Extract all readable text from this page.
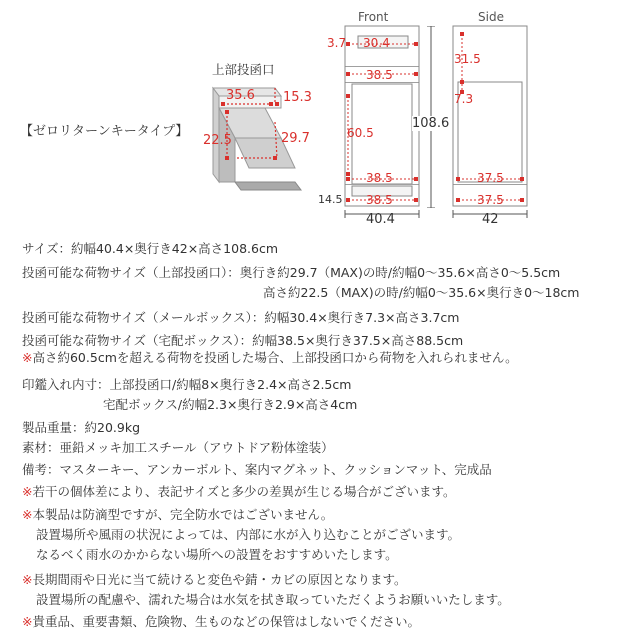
【ゼロリターンキータイプ】
上部投函口
35.6 15.3
22.5	29.7
Front
3.7 30.4
38.5
60.5
38.5
38.5
14.5
40.4
108.6
Side
31.5
7.3
37.5
37.5
42
サイズ：約幅40.4×奥行き42×高さ108.6cm
投函可能な荷物サイズ（上部投函口）：奥行き約29.7（MAX)の時/約幅0～35.6×高さ0～5.5cm
高さ約22.5（MAX)の時/約幅0～35.6×奥行き0～18cm
投函可能な荷物サイズ（メールボックス）：約幅30.4×奥行き7.3×高さ3.7cm
投函可能な荷物サイズ（宅配ボックス）：約幅38.5×奥行き37.5×高さ88.5cm
※高さ約60.5cmを超える荷物を投函した場合、上部投函口から荷物を入れられません。
印鑑入れ内寸：上部投函口/約幅8×奥行き2.4×高さ2.5cm
宅配ボックス/約幅2.3×奥行き2.9×高さ4cm
製品重量：約20.9kg
素材：亜鉛メッキ加工スチール（アウトドア粉体塗装）
備考：マスターキー、アンカーボルト、案内マグネット、クッションマット、完成品
※若干の個体差により、表記サイズと多少の差異が生じる場合がございます。
※本製品は防滴型ですが、完全防水ではございません。
設置場所や風雨の状況によっては、内部に水が入り込むことがございます。
なるべく雨水のかからない場所への設置をおすすめいたします。
※長期間雨や日光に当て続けると変色や錆・カビの原因となります。
設置場所の配慮や、濡れた場合は水気を拭き取っていただくようお願いいたします。
※貴重品、重要書類、危険物、生ものなどの保管はしないでください。
